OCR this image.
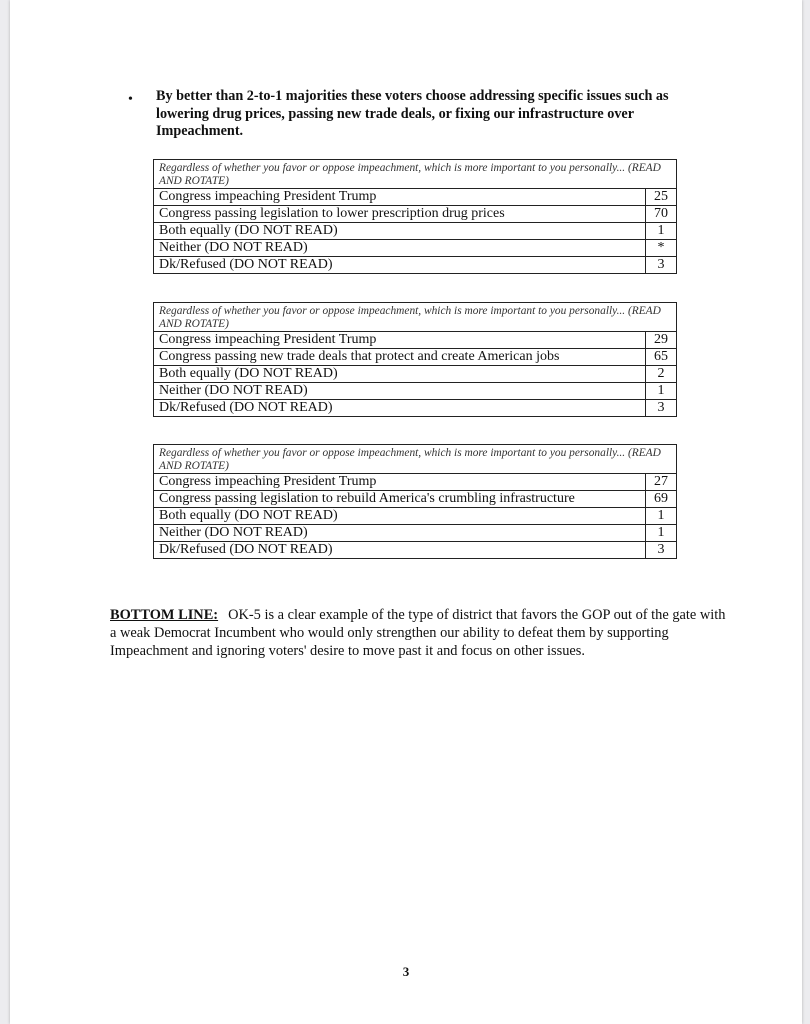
• By better than 2-to-1 majorities these voters choose addressing specific issues such as lowering drug prices, passing new trade deals, or fixing our infrastructure over Impeachment.
Regardless of whether you favor or oppose impeachment, which is more important to you personally... (READ AND ROTATE)	
Congress impeaching President Trump	25
Congress passing legislation to lower prescription drug prices	70
Both equally (DO NOT READ)	1
Neither (DO NOT READ)	*
Dk/Refused (DO NOT READ)	3
Regardless of whether you favor or oppose impeachment, which is more important to you personally... (READ AND ROTATE)	
Congress impeaching President Trump	29
Congress passing new trade deals that protect and create American jobs	65
Both equally (DO NOT READ)	2
Neither (DO NOT READ)	1
Dk/Refused (DO NOT READ)	3
Regardless of whether you favor or oppose impeachment, which is more important to you personally... (READ AND ROTATE)	
Congress impeaching President Trump	27
Congress passing legislation to rebuild America's crumbling infrastructure	69
Both equally (DO NOT READ)	1
Neither (DO NOT READ)	1
Dk/Refused (DO NOT READ)	3
BOTTOM LINE: OK-5 is a clear example of the type of district that favors the GOP out of the gate with a weak Democrat Incumbent who would only strengthen our ability to defeat them by supporting Impeachment and ignoring voters' desire to move past it and focus on other issues.
3
